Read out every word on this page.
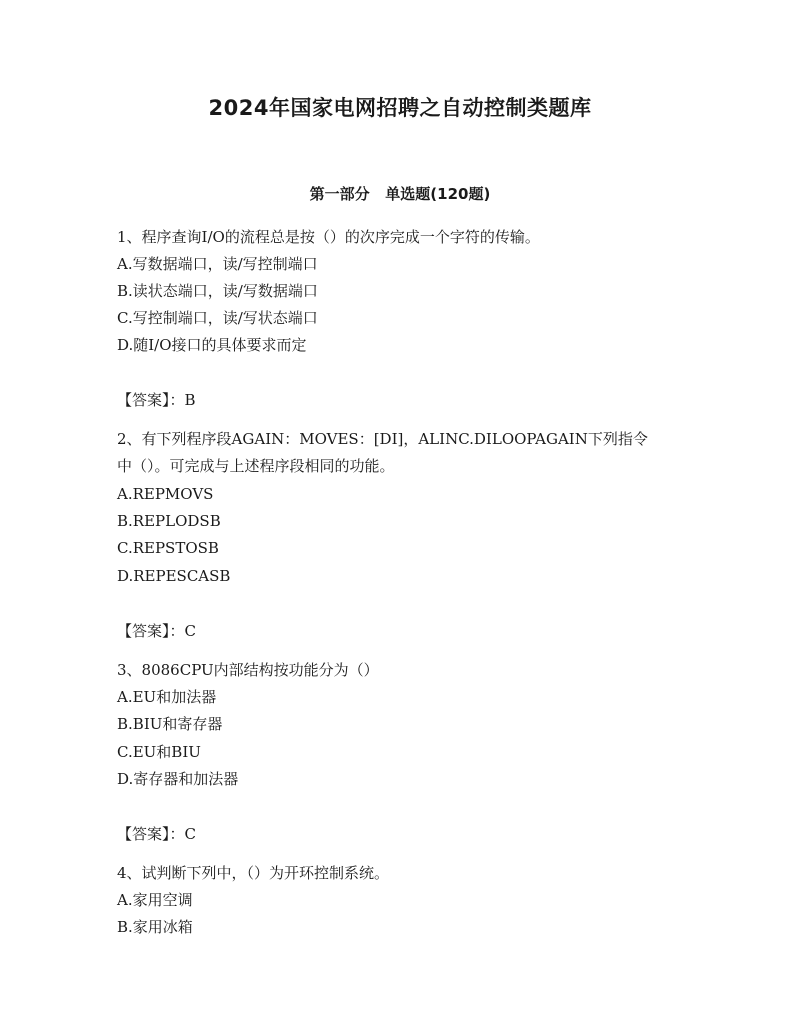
2024年国家电网招聘之自动控制类题库
第一部分   单选题(120题)
1、程序查询I/O的流程总是按（）的次序完成一个字符的传输。
A.写数据端口，读/写控制端口
B.读状态端口，读/写数据端口
C.写控制端口，读/写状态端口
D.随I/O接口的具体要求而定
【答案】：B
2、有下列程序段AGAIN：MOVES：[DI]，ALINC.DILOOPAGAIN下列指令
中（）。可完成与上述程序段相同的功能。
A.REPMOVS
B.REPLODSB
C.REPSTOSB
D.REPESCASB
【答案】：C
3、8086CPU内部结构按功能分为（）
A.EU和加法器
B.BIU和寄存器
C.EU和BIU
D.寄存器和加法器
【答案】：C
4、试判断下列中，（）为开环控制系统。
A.家用空调
B.家用冰箱
